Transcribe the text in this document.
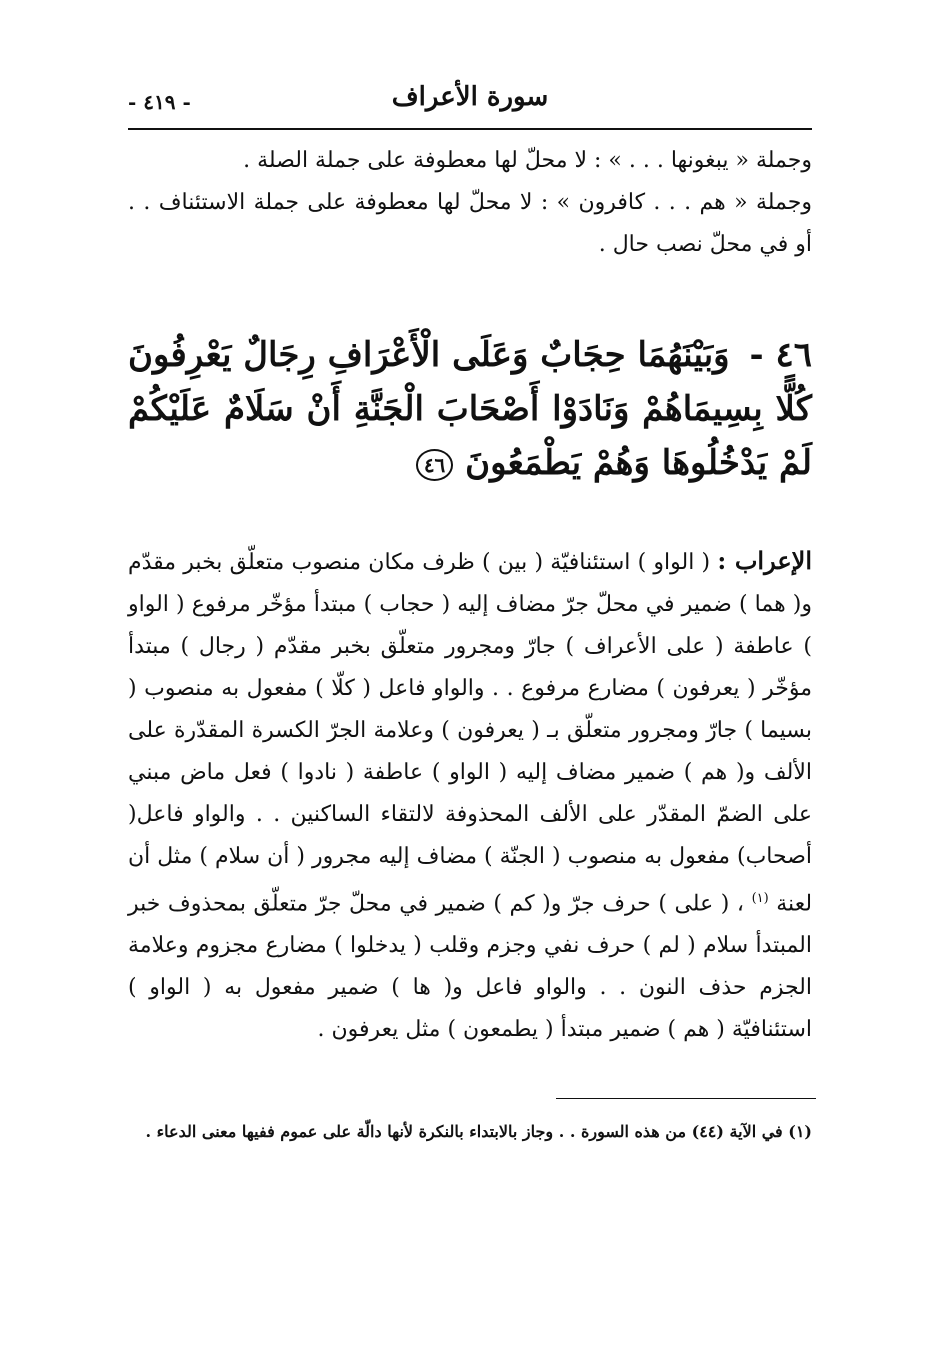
سورة الأعراف
- ٤١٩ -

وجملة « يبغونها . . . » : لا محلّ لها معطوفة على جملة الصلة .

وجملة « هم . . . كافرون » : لا محلّ لها معطوفة على جملة الاستئناف . . أو في محلّ نصب حال .

٤٦ - وَبَيْنَهُمَا حِجَابٌ وَعَلَى الْأَعْرَافِ رِجَالٌ يَعْرِفُونَ كُلًّا بِسِيمَاهُمْ وَنَادَوْا أَصْحَابَ الْجَنَّةِ أَنْ سَلَامٌ عَلَيْكُمْ لَمْ يَدْخُلُوهَا وَهُمْ يَطْمَعُونَ ٤٦

الإعراب : ( الواو ) استئنافيّة ( بين ) ظرف مكان منصوب متعلّق بخبر مقدّم و( هما ) ضمير في محلّ جرّ مضاف إليه ( حجاب ) مبتدأ مؤخّر مرفوع ( الواو ) عاطفة ( على الأعراف ) جارّ ومجرور متعلّق بخبر مقدّم ( رجال ) مبتدأ مؤخّر ( يعرفون ) مضارع مرفوع . . والواو فاعل ( كلّا ) مفعول به منصوب ( بسيما ) جارّ ومجرور متعلّق بـ ( يعرفون ) وعلامة الجرّ الكسرة المقدّرة على الألف و( هم ) ضمير مضاف إليه ( الواو ) عاطفة ( نادوا ) فعل ماض مبني على الضمّ المقدّر على الألف المحذوفة لالتقاء الساكنين . . والواو فاعل( أصحاب) مفعول به منصوب ( الجنّة ) مضاف إليه مجرور ( أن سلام ) مثل أن لعنة $^{(١)}$ ، ( على ) حرف جرّ و( كم ) ضمير في محلّ جرّ متعلّق بمحذوف خبر المبتدأ سلام ( لم ) حرف نفي وجزم وقلب ( يدخلوا ) مضارع مجزوم وعلامة الجزم حذف النون . . والواو فاعل و( ها ) ضمير مفعول به ( الواو ) استئنافيّة ( هم ) ضمير مبتدأ ( يطمعون ) مثل يعرفون .

(١) في الآية (٤٤) من هذه السورة . . وجاز بالابتداء بالنكرة لأنها دالّة على عموم ففيها معنى الدعاء .
